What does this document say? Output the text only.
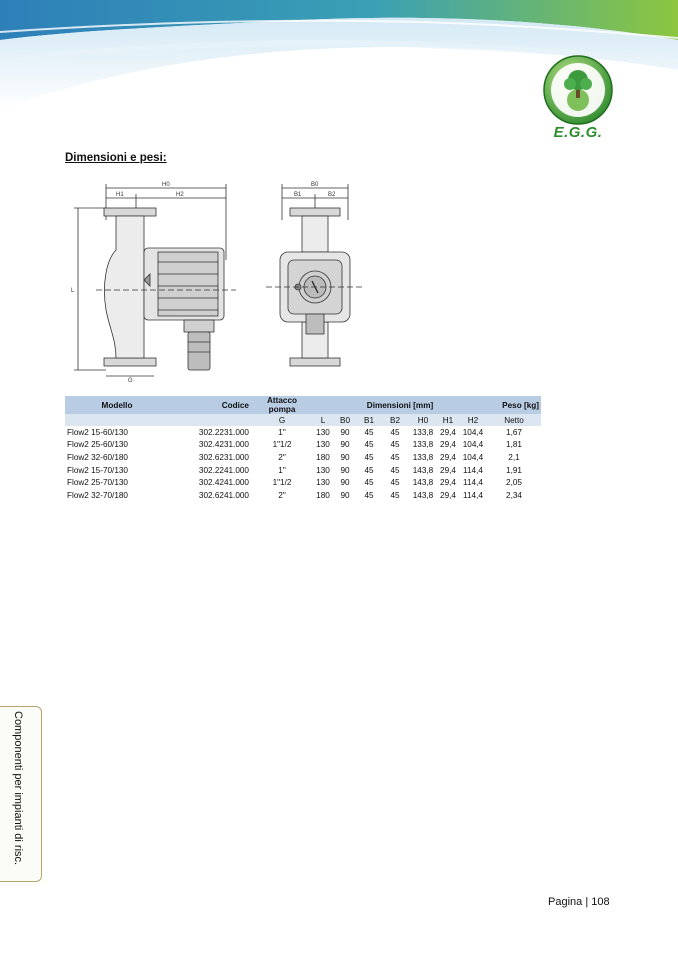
E.G.G.
Dimensioni e pesi:
H0
H1	H2
L
G
B0
B1	B2
Modello	Codice	Attacco pompa	Dimensioni [mm]							Peso [kg]
		G	L	B0	B1	B2	H0	H1	H2	Netto
Flow2 15-60/130	302.2231.000	1"	130	90	45	45	133,8	29,4	104,4	1,67
Flow2 25-60/130	302.4231.000	1"1/2	130	90	45	45	133,8	29,4	104,4	1,81
Flow2 32-60/180	302.6231.000	2"	180	90	45	45	133,8	29,4	104,4	2,1
Flow2 15-70/130	302.2241.000	1"	130	90	45	45	143,8	29,4	114,4	1,91
Flow2 25-70/130	302.4241.000	1"1/2	130	90	45	45	143,8	29,4	114,4	2,05
Flow2 32-70/180	302.6241.000	2"	180	90	45	45	143,8	29,4	114,4	2,34
Componenti per impianti di risc.
Pagina | 108
